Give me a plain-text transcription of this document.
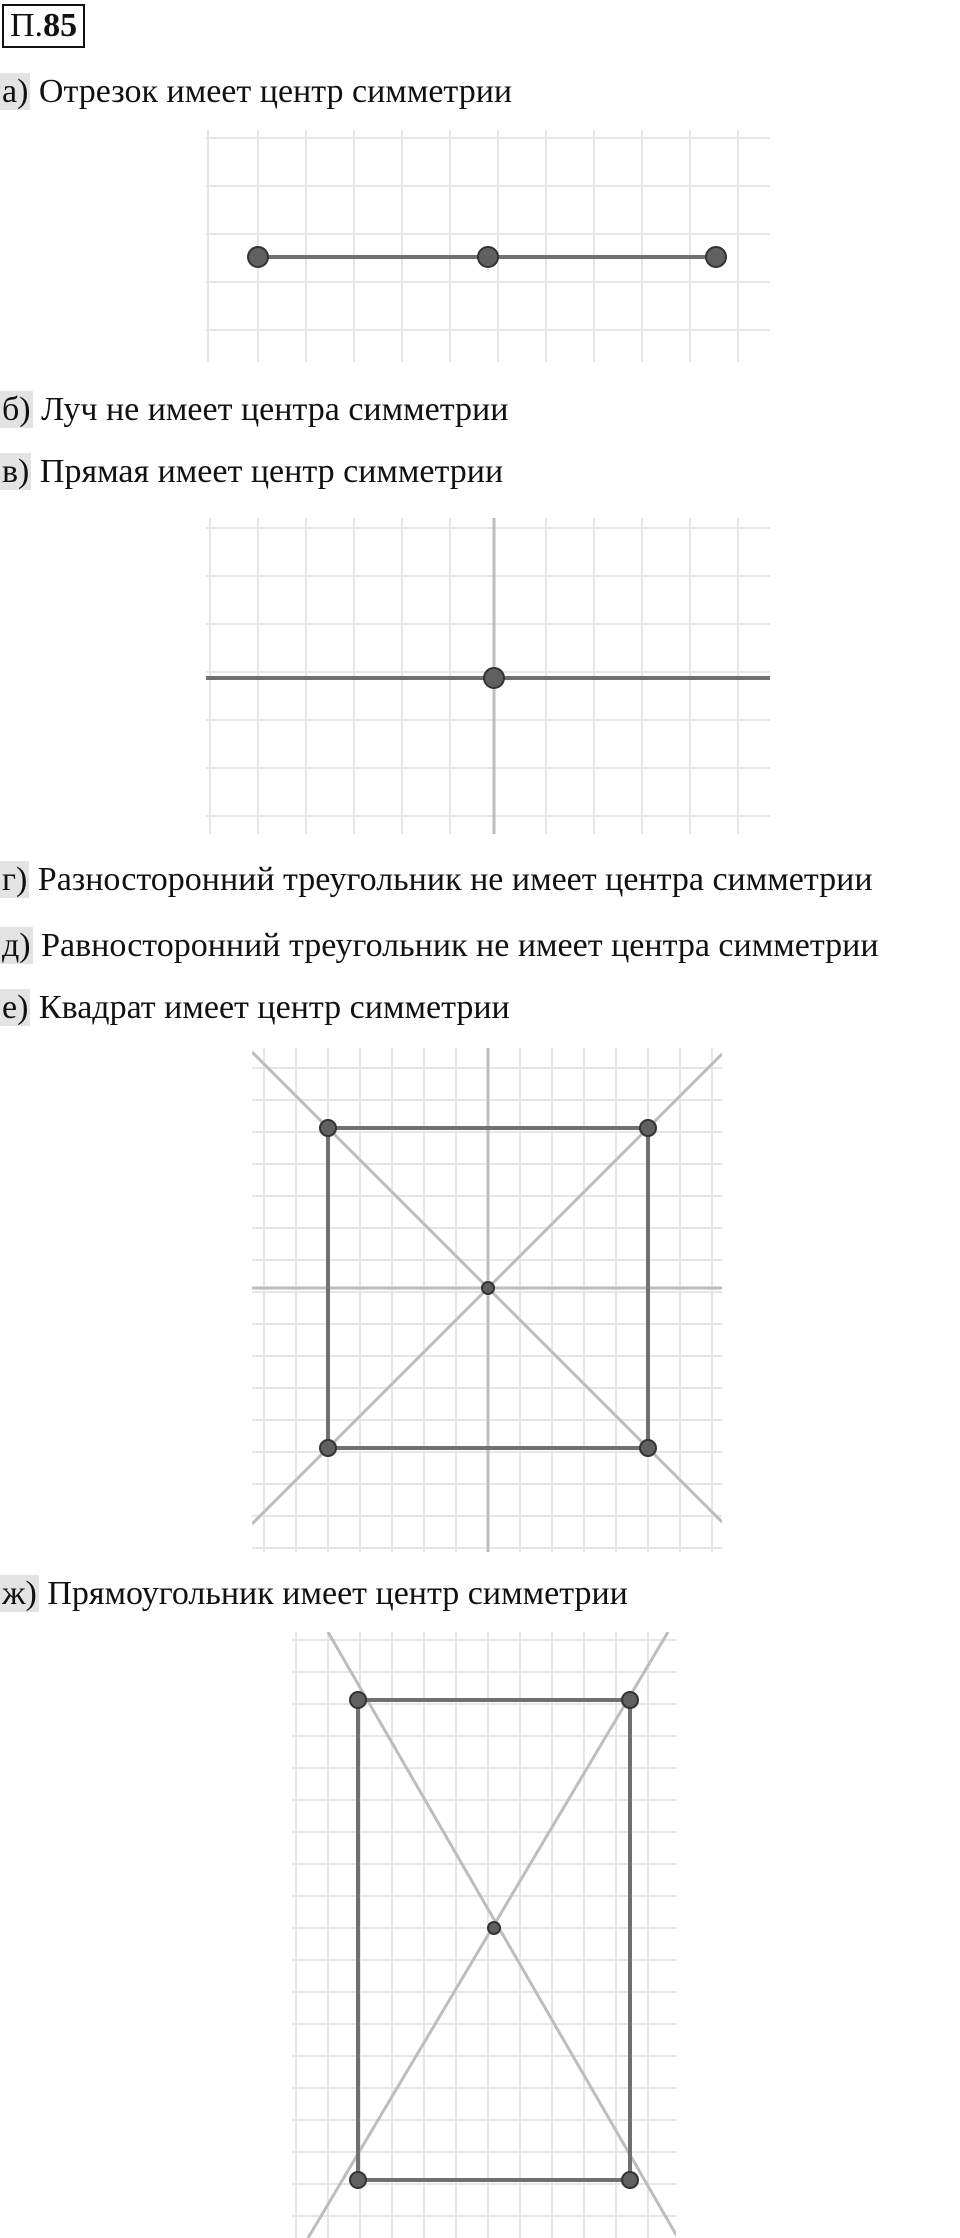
П.85
а) Отрезок имеет центр симметрии
б) Луч не имеет центра симметрии
в) Прямая имеет центр симметрии
г) Разносторонний треугольник не имеет центра симметрии
д) Равносторонний треугольник не имеет центра симметрии
е) Квадрат имеет центр симметрии
ж) Прямоугольник имеет центр симметрии
